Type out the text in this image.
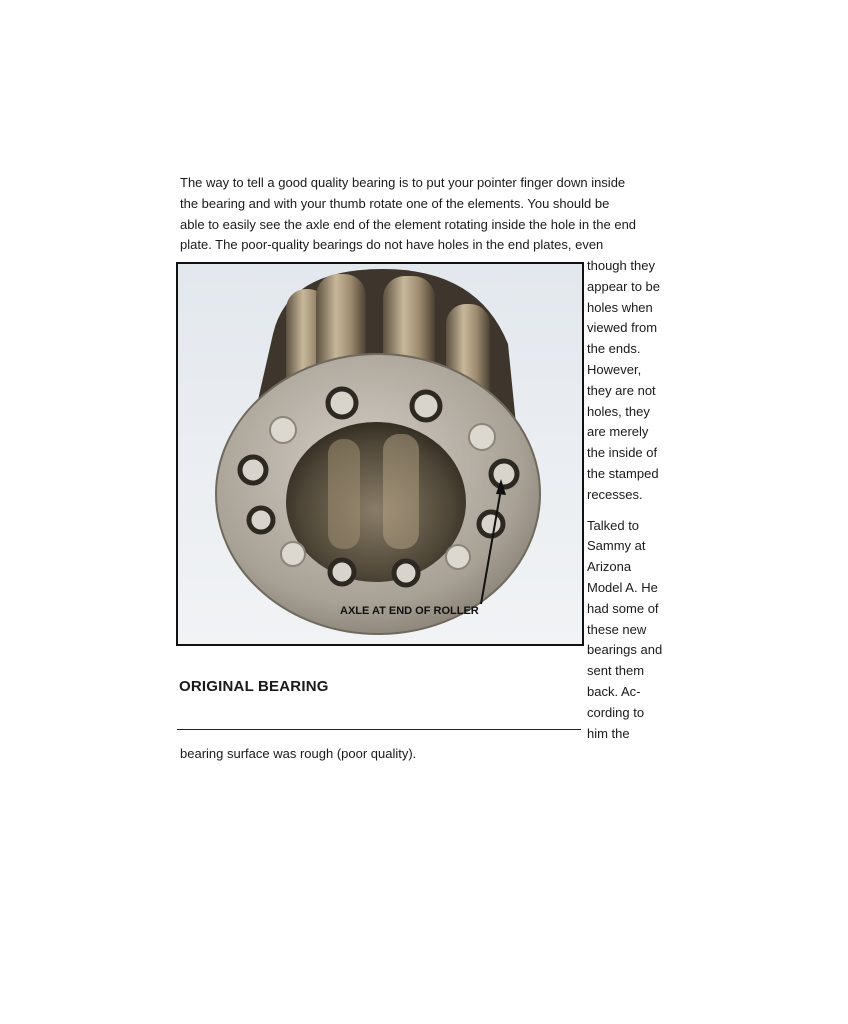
The way to tell a good quality bearing is to put your pointer finger down inside
the bearing and with your thumb rotate one of the elements. You should be
able to easily see the axle end of the element rotating inside the hole in the end
plate. The poor-quality bearings do not have holes in the end plates, even
AXLE AT END OF ROLLER
though they
appear to be
holes when
viewed from
the ends.
However,
they are not
holes, they
are merely
the inside of
the stamped
recesses.
Talked to
Sammy at
Arizona
Model A. He
had some of
these new
bearings and
sent them
back. Ac-
cording to
him the
ORIGINAL BEARING

bearing surface was rough (poor quality).
